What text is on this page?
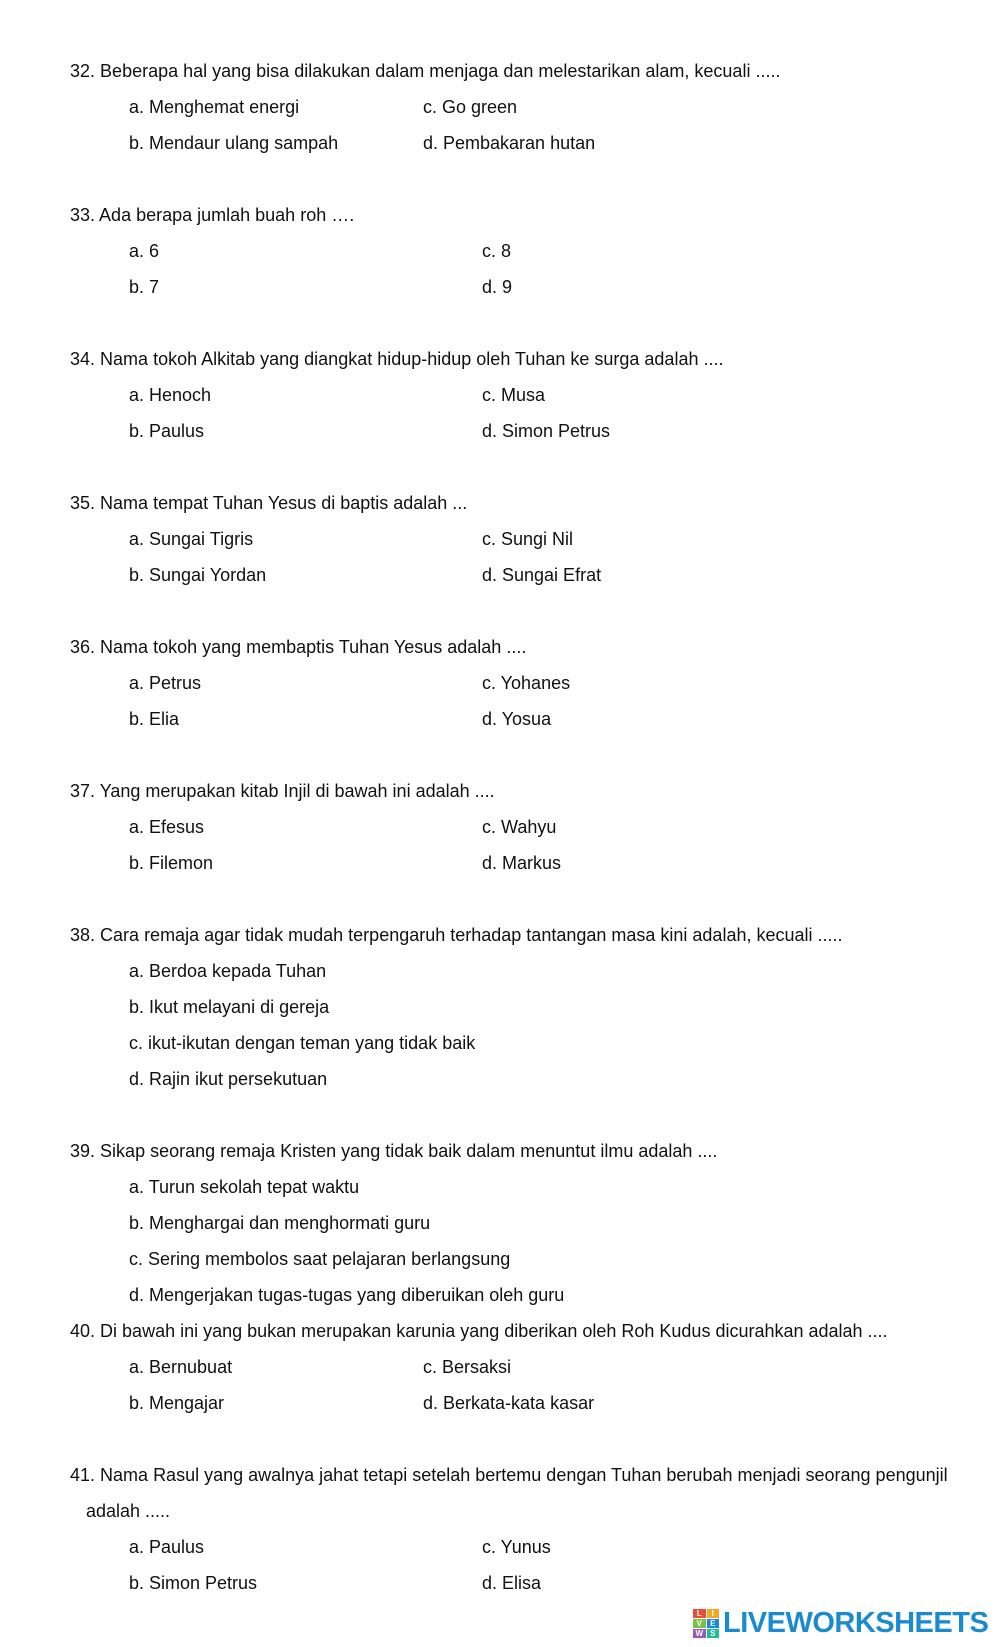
32. Beberapa hal yang bisa dilakukan dalam menjaga dan melestarikan alam, kecuali .....
a. Menghemat energi
b. Mendaur ulang sampah
c. Go green
d. Pembakaran hutan
33. Ada berapa jumlah buah roh ….
a. 6
b. 7
c. 8
d. 9
34. Nama tokoh Alkitab yang diangkat hidup-hidup oleh Tuhan ke surga adalah ....
a. Henoch
b. Paulus
c. Musa
d. Simon Petrus
35. Nama tempat Tuhan Yesus di baptis adalah ...
a. Sungai Tigris
b. Sungai Yordan
c. Sungi Nil
d. Sungai Efrat
36. Nama tokoh yang membaptis Tuhan Yesus adalah ....
a. Petrus
b. Elia
c. Yohanes
d. Yosua
37. Yang merupakan kitab Injil di bawah ini adalah ....
a. Efesus
b. Filemon
c. Wahyu
d. Markus
38. Cara remaja agar tidak mudah terpengaruh terhadap tantangan masa kini adalah, kecuali .....
a. Berdoa kepada Tuhan
b. Ikut melayani di gereja
c. ikut-ikutan dengan teman yang tidak baik
d. Rajin ikut persekutuan
39. Sikap seorang remaja Kristen yang tidak baik dalam menuntut ilmu adalah ....
a. Turun sekolah tepat waktu
b. Menghargai dan menghormati guru
c. Sering membolos saat pelajaran berlangsung
d. Mengerjakan tugas-tugas yang diberuikan oleh guru
40. Di bawah ini yang bukan merupakan karunia yang diberikan oleh Roh Kudus dicurahkan adalah ....
a. Bernubuat
b. Mengajar
c. Bersaksi
d. Berkata-kata kasar
41. Nama Rasul yang awalnya jahat tetapi setelah bertemu dengan Tuhan berubah menjadi seorang pengunjil
adalah .....
a. Paulus
b. Simon Petrus
c. Yunus
d. Elisa
L	I
V	E
W S LIVEWORKSHEETS
